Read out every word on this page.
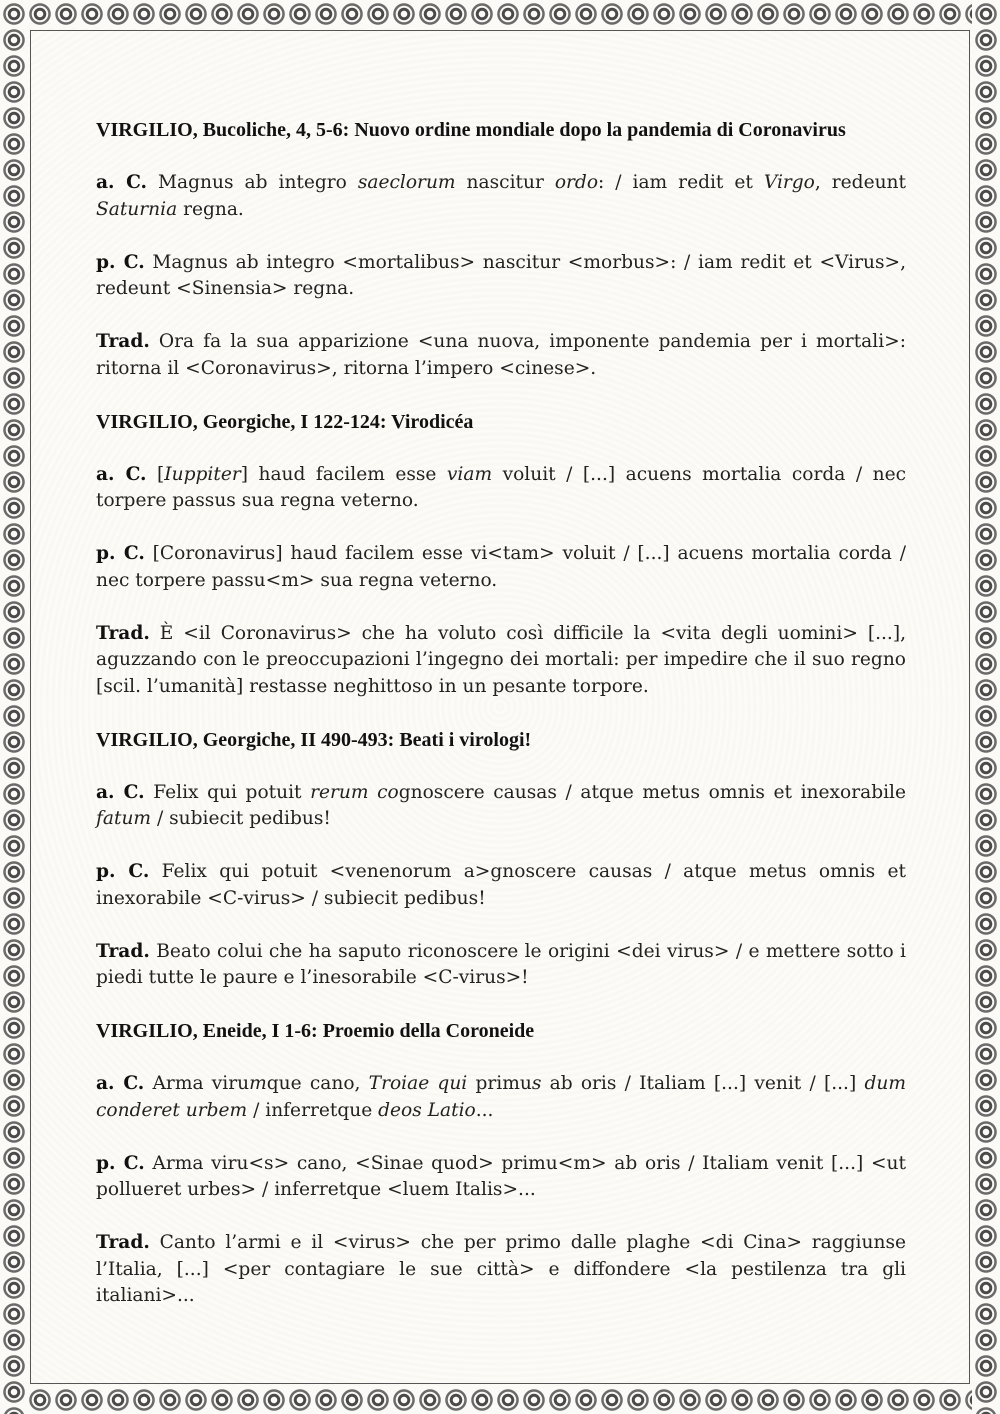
VIRGILIO, Bucoliche, 4, 5-6: Nuovo ordine mondiale dopo la pandemia di Coronavirus

a. C. Magnus ab integro saeclorum nascitur ordo: / iam redit et Virgo, redeunt Saturnia regna.

p. C. Magnus ab integro <mortalibus> nascitur <morbus>: / iam redit et <Virus>, redeunt <Sinensia> regna.

Trad. Ora fa la sua apparizione <una nuova, imponente pandemia per i mortali>: ritorna il <Coronavirus>, ritorna l’impero <cinese>.

VIRGILIO, Georgiche, I 122-124: Virodicéa

a. C. [Iuppiter] haud facilem esse viam voluit / [...] acuens mortalia corda / nec torpere passus sua regna veterno.

p. C. [Coronavirus] haud facilem esse vi<tam> voluit / [...] acuens mortalia corda / nec torpere passu<m> sua regna veterno.

Trad. È <il Coronavirus> che ha voluto così difficile la <vita degli uomini> [...], aguzzando con le preoccupazioni l’ingegno dei mortali: per impedire che il suo regno [scil. l’umanità] restasse neghittoso in un pesante torpore.

VIRGILIO, Georgiche, II 490-493: Beati i virologi!

a. C. Felix qui potuit rerum cognoscere causas / atque metus omnis et inexorabile fatum / subiecit pedibus!

p. C. Felix qui potuit <venenorum a>gnoscere causas / atque metus omnis et inexorabile <C-virus> / subiecit pedibus!

Trad. Beato colui che ha saputo riconoscere le origini <dei virus> / e mettere sotto i piedi tutte le paure e l’inesorabile <C-virus>!

VIRGILIO, Eneide, I 1-6: Proemio della Coroneide

a. C. Arma virumque cano, Troiae qui primus ab oris / Italiam [...] venit / [...] dum conderet urbem / inferretque deos Latio...

p. C. Arma viru<s> cano, <Sinae quod> primu<m> ab oris / Italiam venit [...] <ut pollueret urbes> / inferretque <luem Italis>...

Trad. Canto l’armi e il <virus> che per primo dalle plaghe <di Cina> raggiunse l’Italia, [...] <per contagiare le sue città> e diffondere <la pestilenza tra gli italiani>...
